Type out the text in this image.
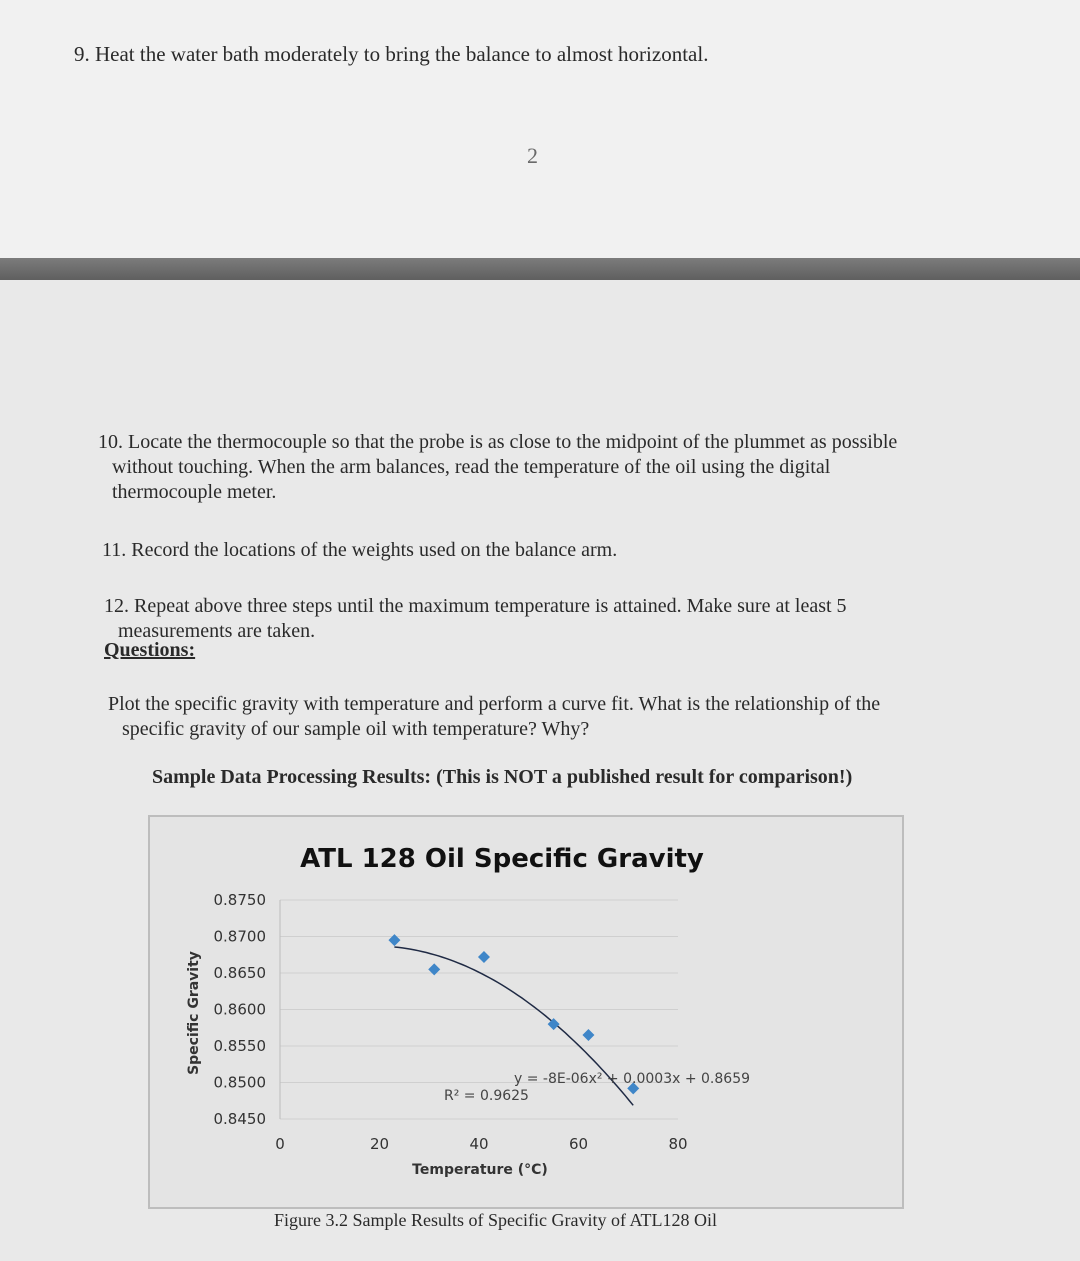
9. Heat the water bath moderately to bring the balance to almost horizontal.
2
10. Locate the thermocouple so that the probe is as close to the midpoint of the plummet as possible
without touching. When the arm balances, read the temperature of the oil using the digital
thermocouple meter.
11. Record the locations of the weights used on the balance arm.
12. Repeat above three steps until the maximum temperature is attained. Make sure at least 5
measurements are taken.
Questions:
Plot the specific gravity with temperature and perform a curve fit. What is the relationship of the
specific gravity of our sample oil with temperature? Why?
Sample Data Processing Results: (This is NOT a published result for comparison!)
ATL 128 Oil Specific Gravity
0.8750
0.8700
0.8650
0.8600
0.8550
0.8500
0.8450
0	20	40	60	80
y = -8E-06x² + 0.0003x + 0.8659
R² = 0.9625
Temperature (°C)
Specific Gravity
Figure 3.2 Sample Results of Specific Gravity of ATL128 Oil
